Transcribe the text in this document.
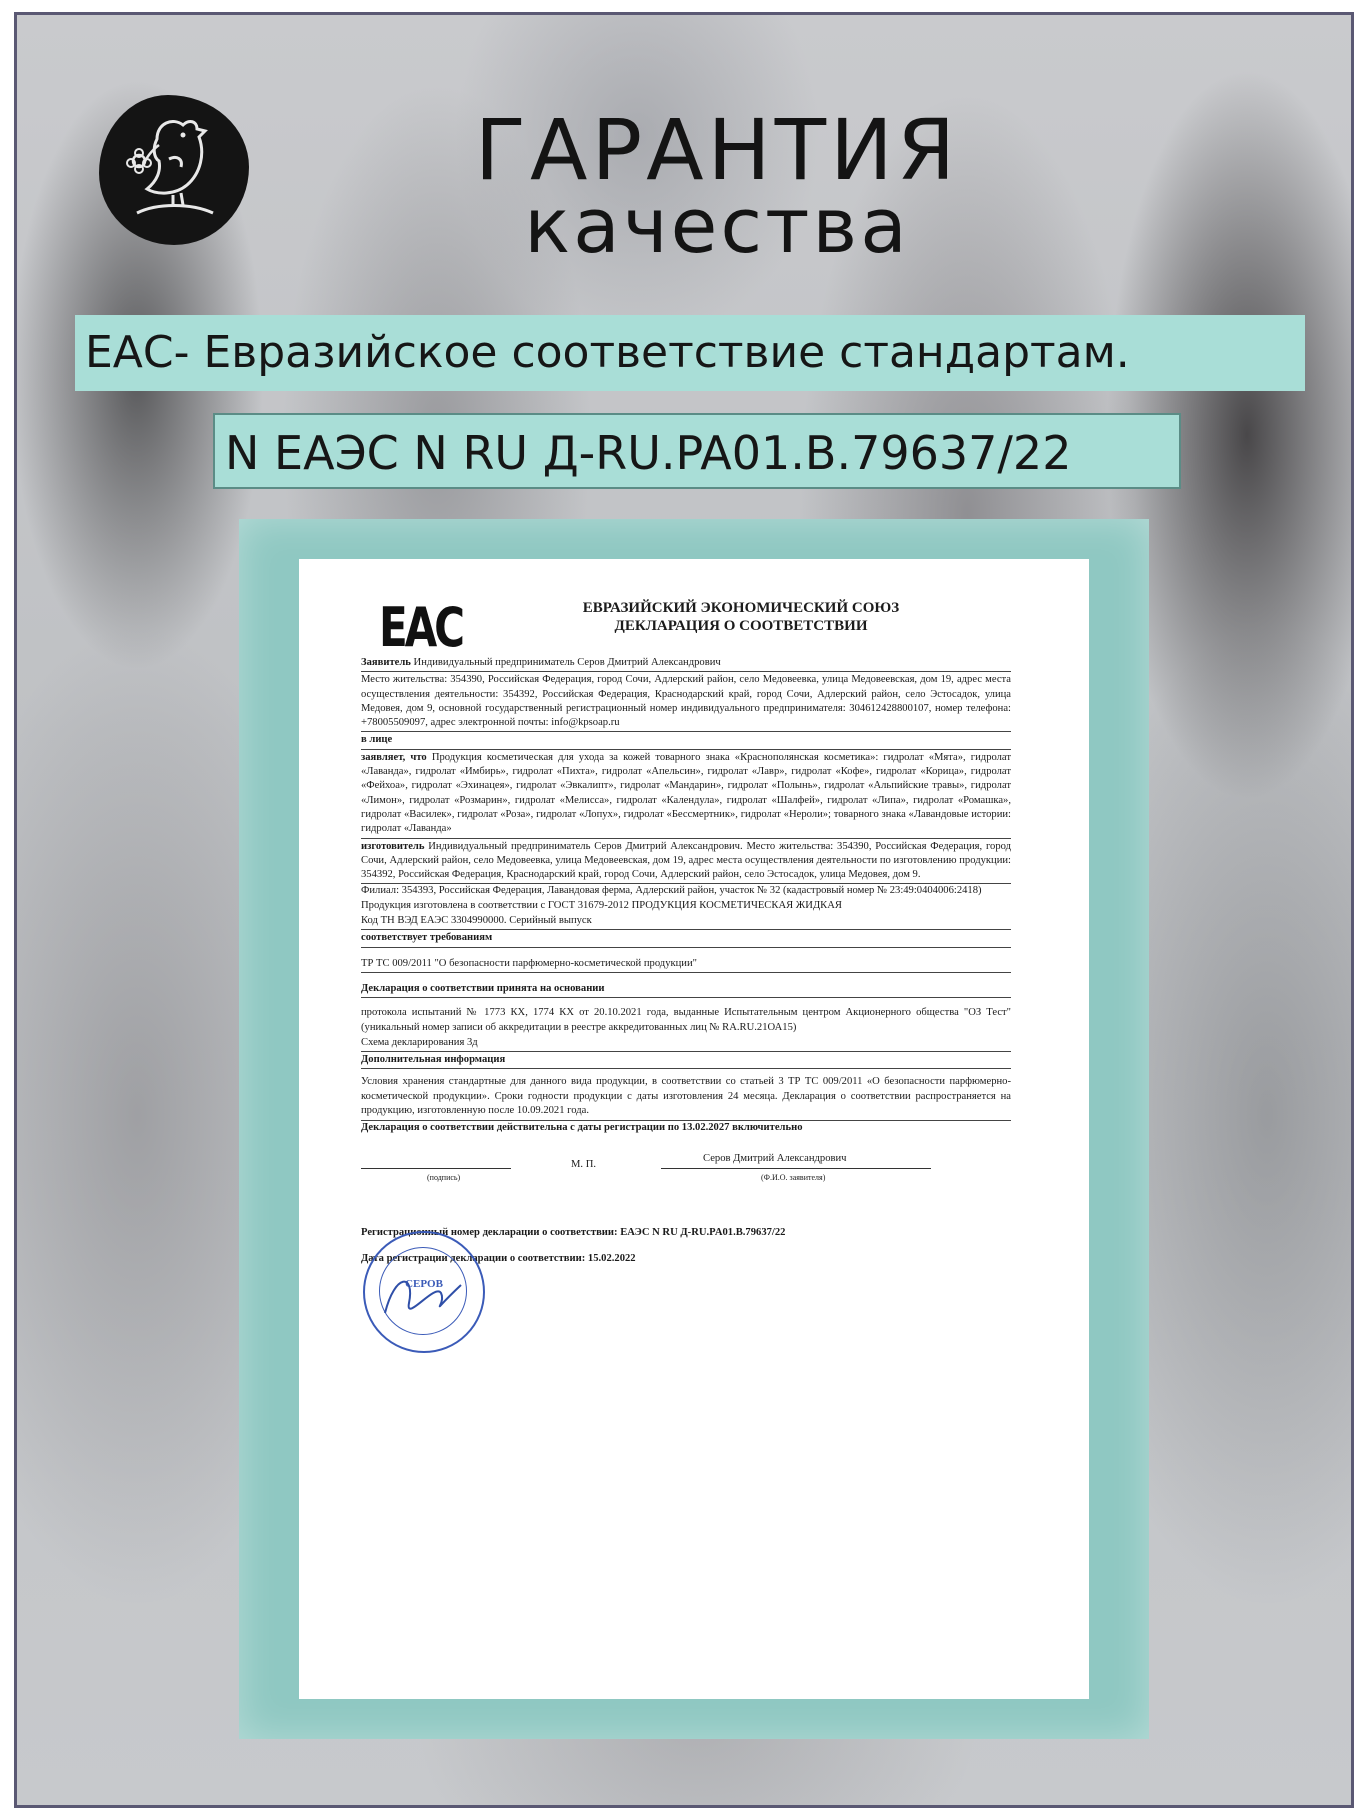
ГАРАНТИЯ
качества
ЕАС- Евразийское соответствие стандартам.
N ЕАЭС N RU Д-RU.PA01.В.79637/22
EAC	ЕВРАЗИЙСКИЙ ЭКОНОМИЧЕСКИЙ СОЮЗ
ДЕКЛАРАЦИЯ О СООТВЕТСТВИИ
Заявитель Индивидуальный предприниматель Серов Дмитрий Александрович
Место жительства: 354390, Российская Федерация, город Сочи, Адлерский район, село Медовеевка, улица Медовеевская, дом 19, адрес места осуществления деятельности: 354392, Российская Федерация, Краснодарский край, город Сочи, Адлерский район, село Эстосадок, улица Медовея, дом 9, основной государственный регистрационный номер индивидуального предпринимателя: 304612428800107, номер телефона: +78005509097, адрес электронной почты: info@kpsoap.ru
в лице
заявляет, что Продукция косметическая для ухода за кожей товарного знака «Краснополянская косметика»: гидролат «Мята», гидролат «Лаванда», гидролат «Имбирь», гидролат «Пихта», гидролат «Апельсин», гидролат «Лавр», гидролат «Кофе», гидролат «Корица», гидролат «Фейхоа», гидролат «Эхинацея», гидролат «Эвкалипт», гидролат «Мандарин», гидролат «Полынь», гидролат «Альпийские травы», гидролат «Лимон», гидролат «Розмарин», гидролат «Мелисса», гидролат «Календула», гидролат «Шалфей», гидролат «Липа», гидролат «Ромашка», гидролат «Василек», гидролат «Роза», гидролат «Лопух», гидролат «Бессмертник», гидролат «Нероли»; товарного знака «Лавандовые истории: гидролат «Лаванда»
изготовитель Индивидуальный предприниматель Серов Дмитрий Александрович. Место жительства: 354390, Российская Федерация, город Сочи, Адлерский район, село Медовеевка, улица Медовеевская, дом 19, адрес места осуществления деятельности по изготовлению продукции: 354392, Российская Федерация, Краснодарский край, город Сочи, Адлерский район, село Эстосадок, улица Медовея, дом 9.
Филиал: 354393, Российская Федерация, Лавандовая ферма, Адлерский район, участок № 32 (кадастровый номер № 23:49:0404006:2418)
Продукция изготовлена в соответствии с ГОСТ 31679-2012 ПРОДУКЦИЯ КОСМЕТИЧЕСКАЯ ЖИДКАЯ
Код ТН ВЭД ЕАЭС 3304990000. Серийный выпуск
соответствует требованиям
ТР ТС 009/2011 "О безопасности парфюмерно-косметической продукции"
Декларация о соответствии принята на основании
протокола испытаний № 1773 КХ, 1774 КХ от 20.10.2021 года, выданные Испытательным центром Акционерного общества "ОЗ Тест" (уникальный номер записи об аккредитации в реестре аккредитованных лиц № RA.RU.21ОА15)
Схема декларирования 3д
Дополнительная информация
Условия хранения стандартные для данного вида продукции, в соответствии со статьей 3 ТР ТС 009/2011 «О безопасности парфюмерно-косметической продукции». Сроки годности продукции с даты изготовления 24 месяца. Декларация о соответствии распространяется на продукцию, изготовленную после 10.09.2021 года.
Декларация о соответствии действительна с даты регистрации по 13.02.2027 включительно
(подпись)
М. П.
Серов Дмитрий Александрович
(Ф.И.О. заявителя)
Регистрационный номер декларации о соответствии: ЕАЭС N RU Д-RU.PA01.B.79637/22
Дата регистрации декларации о соответствии: 15.02.2022
СЕРОВ
